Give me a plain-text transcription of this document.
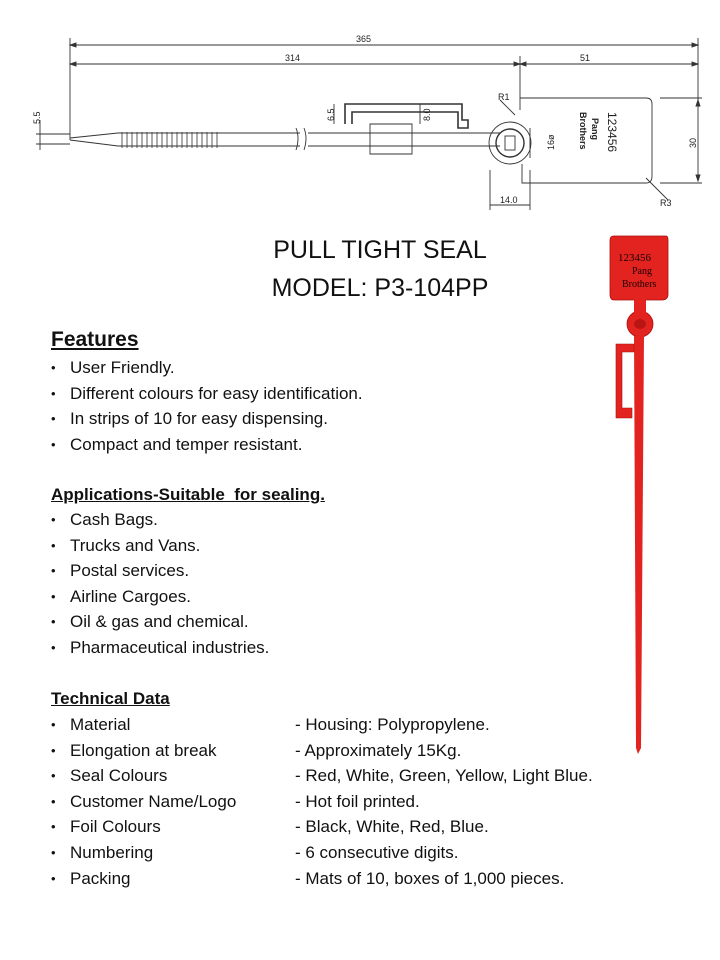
365
314	51
5.5	6.5	8.0
R1
16ø
14.0
30
R3
123456
Pang
Brothers
PULL TIGHT SEAL
MODEL: P3-104PP
Features
• User Friendly.
• Different colours for easy identification.
• In strips of 10 for easy dispensing.
• Compact and temper resistant.
Applications-Suitable  for sealing.
• Cash Bags.
• Trucks and Vans.
• Postal services.
• Airline Cargoes.
• Oil & gas and chemical.
• Pharmaceutical industries.
Technical Data
• Material	- Housing: Polypropylene.
• Elongation at break	- Approximately 15Kg.
• Seal Colours	- Red, White, Green, Yellow, Light Blue.
• Customer Name/Logo	- Hot foil printed.
• Foil Colours	- Black, White, Red, Blue.
• Numbering	- 6 consecutive digits.
• Packing	- Mats of 10, boxes of 1,000 pieces.
123456
Pang
Brothers
